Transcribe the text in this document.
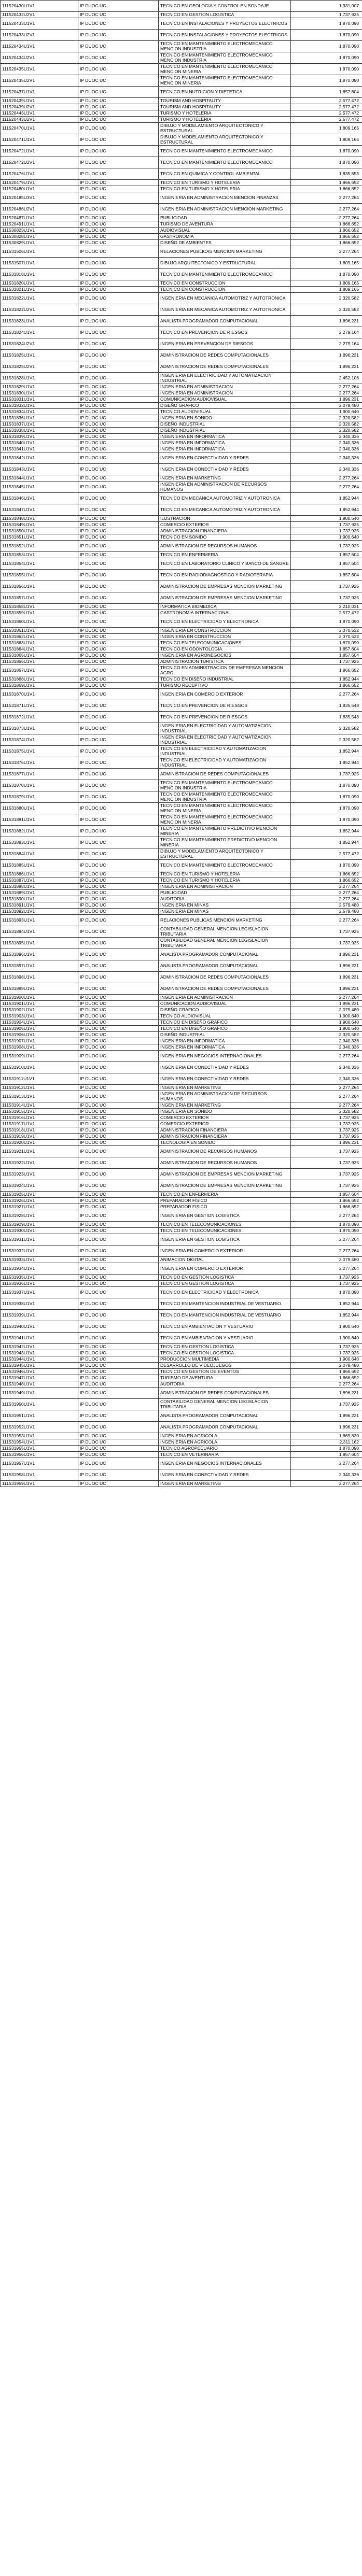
111520430U1V1	IP DUOC UC	TECNICO EN GEOLOGIA Y CONTROL EN SONDAJE	1,931,007
111520432U2V1	IP DUOC UC	TECNICO EN GESTION LOGISTICA	1,737,925
111520433U1V1	IP DUOC UC	TECNICO EN INSTALACIONES Y PROYECTOS ELECTRICOS	1,870,090
111520433U2V1	IP DUOC UC	TECNICO EN INSTALACIONES Y PROYECTOS ELECTRICOS	1,870,090
111520434U1V1	IP DUOC UC	TECNICO EN MANTENIMIENTO ELECTROMECANICO MENCION INDUSTRIA	1,870,090
111520434U2V1	IP DUOC UC	TECNICO EN MANTENIMIENTO ELECTROMECANICO MENCION INDUSTRIA	1,870,090
111520435U1V1	IP DUOC UC	TECNICO EN MANTENIMIENTO ELECTROMECANICO MENCION MINERIA	1,870,090
111520435U2V1	IP DUOC UC	TECNICO EN MANTENIMIENTO ELECTROMECANICO MENCION MINERIA	1,870,090
111520437U1V1	IP DUOC UC	TECNICO EN NUTRICION Y DIETETICA	1,857,604
111520439U1V1	IP DUOC UC	TOURISM AND HOSPITALITY	2,577,472
111520439U2V1	IP DUOC UC	TOURISM AND HOSPITALITY	2,577,472
111520443U1V1	IP DUOC UC	TURISMO Y HOTELERIA	2,577,472
111520443U2V1	IP DUOC UC	TURISMO Y HOTELERIA	2,577,472
111520470U1V1	IP DUOC UC	DIBUJO Y MODELAMIENTO ARQUITECTONICO Y ESTRUCTURAL	1,809,165
111520471U1V1	IP DUOC UC	DIBUJO Y MODELAMIENTO ARQUITECTONICO Y ESTRUCTURAL	1,809,165
111520472U1V1	IP DUOC UC	TECNICO EN MANTENIMIENTO ELECTROMECANICO	1,870,090
111520472U2V1	IP DUOC UC	TECNICO EN MANTENIMIENTO ELECTROMECANICO	1,870,090
111520476U1V1	IP DUOC UC	TECNICO EN QUIMICA Y CONTROL AMBIENTAL	1,835,653
111520479U1V1	IP DUOC UC	TECNICO EN TURISMO Y HOTELERIA	1,866,652
111520480U1V1	IP DUOC UC	TECNICO EN TURISMO Y HOTELERIA	1,866,652
111520485U3V1	IP DUOC UC	INGENIERIA EN ADMINISTRACION MENCION FINANZAS	2,277,264
111520486U2V1	IP DUOC UC	INGENIERIA EN ADMINISTRACION MENCION MARKETING	2,277,264
111520487U1V1	IP DUOC UC	PUBLICIDAD	2,277,264
111520491U1V1	IP DUOC UC	TURISMO DE AVENTURA	1,866,652
111530823U1V1	IP DUOC UC	AUDIOVISUAL	1,866,652
111530828U1V1	IP DUOC UC	GASTRONOMIA	1,866,652
111530829U1V1	IP DUOC UC	DISEÑO DE AMBIENTES	1,866,652
111531506U1V1	IP DUOC UC	RELACIONES PUBLICAS MENCION MARKETING	2,277,264
111531507U1V1	IP DUOC UC	DIBUJO ARQUITECTONICO Y ESTRUCTURAL	1,809,165
111531818U1V1	IP DUOC UC	TECNICO EN MANTENIMIENTO ELECTROMECANICO	1,870,090
111531820U1V1	IP DUOC UC	TECNICO EN CONSTRUCCION	1,809,165
111531821U1V1	IP DUOC UC	TECNICO EN CONSTRUCCION	1,809,165
111531822U1V1	IP DUOC UC	INGENIERIA EN MECANICA AUTOMOTRIZ Y AUTOTRONICA	2,320,582
111531822U2V1	IP DUOC UC	INGENIERIA EN MECANICA AUTOMOTRIZ Y AUTOTRONICA	2,320,582
111531823U1V1	IP DUOC UC	ANALISTA PROGRAMADOR COMPUTACIONAL	1,896,231
111531824U1V1	IP DUOC UC	TECNICO EN PREVENCION DE RIESGOS	2,279,164
111531824U2V1	IP DUOC UC	INGENIERIA EN PREVENCION DE RIESGOS	2,279,164
111531825U1V1	IP DUOC UC	ADMINISTRACION DE REDES COMPUTACIONALES	1,896,231
111531825U2V1	IP DUOC UC	ADMINISTRACION DE REDES COMPUTACIONALES	1,896,231
111531828U1V1	IP DUOC UC	INGENIERIA EN ELECTRICIDAD Y AUTOMATIZACION INDUSTRIAL	2,452,106
111531829U1V1	IP DUOC UC	INGENIERIA EN ADMINISTRACION	2,277,264
111531830U1V1	IP DUOC UC	INGENIERIA EN ADMINISTRACION	2,277,264
111531831U1V1	IP DUOC UC	COMUNICACION AUDIOVISUAL	1,896,231
111531832U1V1	IP DUOC UC	DISEÑO GRAFICO	2,079,480
111531834U1V1	IP DUOC UC	TECNICO AUDIOVISUAL	1,900,640
111531836U1V1	IP DUOC UC	INGENIERIA EN SONIDO	2,320,582
111531837U1V1	IP DUOC UC	DISEÑO INDUSTRIAL	2,320,582
111531838U1V1	IP DUOC UC	DISEÑO INDUSTRIAL	2,320,582
111531839U1V1	IP DUOC UC	INGENIERIA EN INFORMATICA	2,340,336
111531840U1V1	IP DUOC UC	INGENIERIA EN INFORMATICA	2,340,336
111531841U1V1	IP DUOC UC	INGENIERIA EN INFORMATICA	2,340,336
111531842U1V1	IP DUOC UC	INGENIERIA EN CONECTIVIDAD Y REDES	2,340,336
111531843U1V1	IP DUOC UC	INGENIERIA EN CONECTIVIDAD Y REDES	2,340,336
111531844U1V1	IP DUOC UC	INGENIERIA EN MARKETING	2,277,264
111531845U1V1	IP DUOC UC	INGENIERIA EN ADMINISTRACION DE RECURSOS HUMANOS	2,277,264
111531846U1V1	IP DUOC UC	TECNICO EN MECANICA AUTOMOTRIZ Y AUTOTRONICA	1,852,944
111531847U1V1	IP DUOC UC	TECNICO EN MECANICA AUTOMOTRIZ Y AUTOTRONICA	1,852,944
111531848U1V1	IP DUOC UC	ILUSTRACION	1,900,640
111531849U1V1	IP DUOC UC	COMERCIO EXTERIOR	1,737,925
111531850U1V1	IP DUOC UC	ADMINISTRACION FINANCIERA	1,737,925
111531851U1V1	IP DUOC UC	TECNICO EN SONIDO	1,900,640
111531852U1V1	IP DUOC UC	ADMINISTRACION DE RECURSOS HUMANOS	1,737,925
111531853U1V1	IP DUOC UC	TECNICO EN ENFERMERIA	1,857,604
111531854U1V1	IP DUOC UC	TECNICO EN LABORATORIO CLINICO Y BANCO DE SANGRE	1,857,604
111531855U1V1	IP DUOC UC	TECNICO EN RADIODIAGNOSTICO Y RADIOTERAPIA	1,857,604
111531856U1V1	IP DUOC UC	ADMINISTRACION DE EMPRESAS MENCION MARKETING	1,737,925
111531857U1V1	IP DUOC UC	ADMINISTRACION DE EMPRESAS MENCION MARKETING	1,737,925
111531858U1V1	IP DUOC UC	INFORMATICA BIOMEDICA	2,210,031
111531859U1V1	IP DUOC UC	GASTRONOMIA INTERNACIONAL	2,577,472
111531860U1V1	IP DUOC UC	TECNICO EN ELECTRICIDAD Y ELECTRONICA	1,870,090
111531861U1V1	IP DUOC UC	INGENIERIA EN CONSTRUCCION	2,370,532
111531862U1V1	IP DUOC UC	INGENIERIA EN CONSTRUCCION	2,370,532
111531863U1V1	IP DUOC UC	TECNICO EN TELECOMUNICACIONES	1,870,090
111531864U1V1	IP DUOC UC	TECNICO EN ODONTOLOGIA	1,857,604
111531865U1V1	IP DUOC UC	INGENIERIA EN AGRONEGOCIOS	1,857,604
111531866U1V1	IP DUOC UC	ADMINISTRACION TURISTICA	1,737,925
111531867U1V1	IP DUOC UC	TECNICO EN ADMINISTRACION DE EMPRESAS MENCION AGRO	1,866,652
111531868U1V1	IP DUOC UC	TECNICO EN DISEÑO INDUSTRIAL	1,852,944
111531869U1V1	IP DUOC UC	TURISMO RECEPTIVO	1,866,652
111531870U1V1	IP DUOC UC	INGENIERIA EN COMERCIO EXTERIOR	2,277,264
111531871U1V1	IP DUOC UC	TECNICO EN PREVENCION DE RIESGOS	1,835,548
111531872U1V1	IP DUOC UC	TECNICO EN PREVENCION DE RIESGOS	1,835,548
111531873U1V1	IP DUOC UC	INGENIERIA EN ELECTRICIDAD Y AUTOMATIZACION INDUSTRIAL	2,320,582
111531874U1V1	IP DUOC UC	INGENIERIA EN ELECTRICIDAD Y AUTOMATIZACION INDUSTRIAL	2,320,582
111531875U1V1	IP DUOC UC	TECNICO EN ELECTRICIDAD Y AUTOMATIZACION INDUSTRIAL	1,852,944
111531876U1V1	IP DUOC UC	TECNICO EN ELECTRICIDAD Y AUTOMATIZACION INDUSTRIAL	1,852,944
111531877U1V1	IP DUOC UC	ADMINISTRACION DE REDES COMPUTACIONALES	1,737,925
111531878U1V1	IP DUOC UC	TECNICO EN MANTENIMIENTO ELECTROMECANICO MENCION INDUSTRIA	1,870,090
111531879U1V1	IP DUOC UC	TECNICO EN MANTENIMIENTO ELECTROMECANICO MENCION INDUSTRIA	1,870,090
111531880U1V1	IP DUOC UC	TECNICO EN MANTENIMIENTO ELECTROMECANICO MENCION MINERIA	1,870,090
111531881U1V1	IP DUOC UC	TECNICO EN MANTENIMIENTO ELECTROMECANICO MENCION MINERIA	1,870,090
111531882U1V1	IP DUOC UC	TECNICO EN MANTENIMIENTO PREDICTIVO MENCION MINERIA	1,852,944
111531883U1V1	IP DUOC UC	TECNICO EN MANTENIMIENTO PREDICTIVO MENCION MINERIA	1,852,944
111531884U1V1	IP DUOC UC	DIBUJO Y MODELAMIENTO ARQUITECTONICO Y ESTRUCTURAL	2,577,472
111531885U1V1	IP DUOC UC	TECNICO EN MANTENIMIENTO ELECTROMECANICO	1,870,090
111531886U1V1	IP DUOC UC	TECNICO EN TURISMO Y HOTELERIA	1,866,652
111531887U1V1	IP DUOC UC	TECNICO EN TURISMO Y HOTELERIA	1,866,652
111531888U1V1	IP DUOC UC	INGENIERIA EN ADMINISTRACION	2,277,264
111531889U1V1	IP DUOC UC	PUBLICIDAD	2,277,264
111531890U1V1	IP DUOC UC	AUDITORIA	2,277,264
111531891U1V1	IP DUOC UC	INGENIERIA EN MINAS	2,579,480
111531892U1V1	IP DUOC UC	INGENIERIA EN MINAS	2,579,480
111531893U1V1	IP DUOC UC	RELACIONES PUBLICAS MENCION MARKETING	2,277,264
111531894U1V1	IP DUOC UC	CONTABILIDAD GENERAL MENCION LEGISLACION TRIBUTARIA	1,737,925
111531895U1V1	IP DUOC UC	CONTABILIDAD GENERAL MENCION LEGISLACION TRIBUTARIA	1,737,925
111531896U1V1	IP DUOC UC	ANALISTA PROGRAMADOR COMPUTACIONAL	1,896,231
111531897U1V1	IP DUOC UC	ANALISTA PROGRAMADOR COMPUTACIONAL	1,896,231
111531898U1V1	IP DUOC UC	ADMINISTRACION DE REDES COMPUTACIONALES	1,896,231
111531899U1V1	IP DUOC UC	ADMINISTRACION DE REDES COMPUTACIONALES	1,896,231
111531900U1V1	IP DUOC UC	INGENIERIA EN ADMINISTRACION	2,277,264
111531901U1V1	IP DUOC UC	COMUNICACION AUDIOVISUAL	1,896,231
111531902U1V1	IP DUOC UC	DISEÑO GRAFICO	2,079,480
111531903U1V1	IP DUOC UC	TECNICO AUDIOVISUAL	1,900,640
111531904U1V1	IP DUOC UC	TECNICO EN DISEÑO GRAFICO	1,900,640
111531905U1V1	IP DUOC UC	TECNICO EN DISEÑO GRAFICO	1,900,640
111531906U1V1	IP DUOC UC	DISEÑO INDUSTRIAL	2,320,582
111531907U1V1	IP DUOC UC	INGENIERIA EN INFORMATICA	2,340,336
111531908U1V1	IP DUOC UC	INGENIERIA EN INFORMATICA	2,340,336
111531909U1V1	IP DUOC UC	INGENIERIA EN NEGOCIOS INTERNACIONALES	2,277,264
111531910U1V1	IP DUOC UC	INGENIERIA EN CONECTIVIDAD Y REDES	2,340,336
111531911U1V1	IP DUOC UC	INGENIERIA EN CONECTIVIDAD Y REDES	2,340,336
111531912U1V1	IP DUOC UC	INGENIERIA EN MARKETING	2,277,264
111531913U1V1	IP DUOC UC	INGENIERIA EN ADMINISTRACION DE RECURSOS HUMANOS	2,277,264
111531914U1V1	IP DUOC UC	INGENIERIA EN MARKETING	2,277,264
111531915U1V1	IP DUOC UC	INGENIERIA EN SONIDO	2,320,582
111531916U1V1	IP DUOC UC	COMERCIO EXTERIOR	1,737,925
111531917U1V1	IP DUOC UC	COMERCIO EXTERIOR	1,737,925
111531918U1V1	IP DUOC UC	ADMINISTRACION FINANCIERA	1,737,925
111531919U1V1	IP DUOC UC	ADMINISTRACION FINANCIERA	1,737,925
111531920U1V1	IP DUOC UC	TECNOLOGIA EN SONIDO	1,896,231
111531921U1V1	IP DUOC UC	ADMINISTRACION DE RECURSOS HUMANOS	1,737,925
111531922U1V1	IP DUOC UC	ADMINISTRACION DE RECURSOS HUMANOS	1,737,925
111531923U1V1	IP DUOC UC	ADMINISTRACION DE EMPRESAS MENCION MARKETING	1,737,925
111531924U1V1	IP DUOC UC	ADMINISTRACION DE EMPRESAS MENCION MARKETING	1,737,925
111531925U1V1	IP DUOC UC	TECNICO EN ENFERMERIA	1,857,604
111531926U1V1	IP DUOC UC	PREPARADOR FISICO	1,866,652
111531927U1V1	IP DUOC UC	PREPARADOR FISICO	1,866,652
111531928U1V1	IP DUOC UC	INGENIERIA EN GESTION LOGISTICA	2,277,264
111531929U1V1	IP DUOC UC	TECNICO EN TELECOMUNICACIONES	1,870,090
111531930U1V1	IP DUOC UC	TECNICO EN TELECOMUNICACIONES	1,870,090
111531931U1V1	IP DUOC UC	INGENIERIA EN GESTION LOGISTICA	2,277,264
111531932U1V1	IP DUOC UC	INGENIERIA EN COMERCIO EXTERIOR	2,277,264
111531933U1V1	IP DUOC UC	ANIMACION DIGITAL	2,079,480
111531934U1V1	IP DUOC UC	INGENIERIA EN COMERCIO EXTERIOR	2,277,264
111531935U1V1	IP DUOC UC	TECNICO EN GESTION LOGISTICA	1,737,925
111531936U1V1	IP DUOC UC	TECNICO EN GESTION LOGISTICA	1,737,925
111531937U1V1	IP DUOC UC	TECNICO EN ELECTRICIDAD Y ELECTRONICA	1,870,090
111531938U1V1	IP DUOC UC	TECNICO EN MANTENCION INDUSTRIAL DE VESTUARIO	1,852,944
111531939U1V1	IP DUOC UC	TECNICO EN MANTENCION INDUSTRIAL DE VESTUARIO	1,852,944
111531940U1V1	IP DUOC UC	TECNICO EN AMBIENTACION Y VESTUARIO	1,900,640
111531941U1V1	IP DUOC UC	TECNICO EN AMBIENTACION Y VESTUARIO	1,900,640
111531942U1V1	IP DUOC UC	TECNICO EN GESTION LOGISTICA	1,737,925
111531943U1V1	IP DUOC UC	TECNICO EN GESTION LOGISTICA	1,737,925
111531944U1V1	IP DUOC UC	PRODUCCION MULTIMEDIA	1,900,640
111531945U1V1	IP DUOC UC	DESARROLLO DE VIDEOJUEGOS	2,079,480
111531946U1V1	IP DUOC UC	TECNICO EN GESTION DE EVENTOS	1,866,652
111531947U1V1	IP DUOC UC	TURISMO DE AVENTURA	1,866,652
111531948U1V1	IP DUOC UC	AUDITORIA	2,277,264
111531949U1V1	IP DUOC UC	ADMINISTRACION DE REDES COMPUTACIONALES	1,896,231
111531950U1V1	IP DUOC UC	CONTABILIDAD GENERAL MENCION LEGISLACION TRIBUTARIA	1,737,925
111531951U1V1	IP DUOC UC	ANALISTA PROGRAMADOR COMPUTACIONAL	1,896,231
111531952U1V1	IP DUOC UC	ANALISTA PROGRAMADOR COMPUTACIONAL	1,896,231
111531953U1V1	IP DUOC UC	INGENIERIA EN AGRICOLA	1,869,820
111531954U1V1	IP DUOC UC	INGENIERIA EN AGRICOLA	2,311,162
111531955U1V1	IP DUOC UC	TECNICO AGROPECUARIO	1,870,090
111531956U1V1	IP DUOC UC	TECNICO EN VETERINARIA	1,857,604
111531957U1V1	IP DUOC UC	INGENIERIA EN NEGOCIOS INTERNACIONALES	2,277,264
111531958U1V1	IP DUOC UC	INGENIERIA EN CONECTIVIDAD Y REDES	2,340,336
111531959U1V1	IP DUOC UC	INGENIERIA EN MARKETING	2,277,264
